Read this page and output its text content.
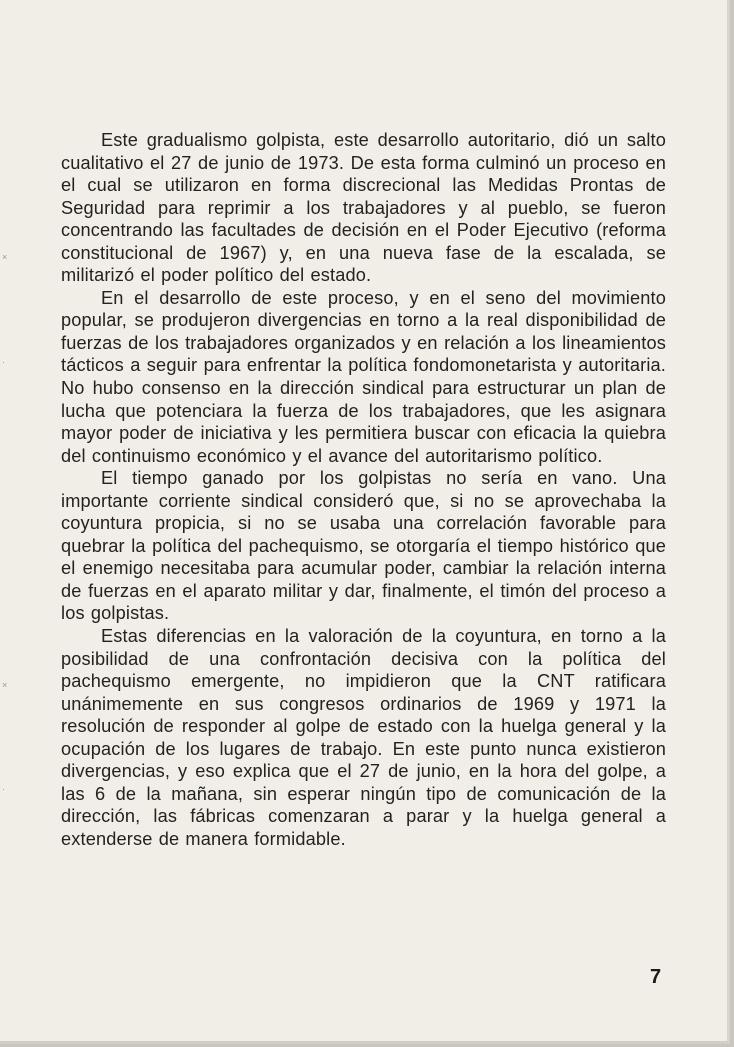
×
·
×
·

Este gradualismo golpista, este desarrollo autoritario, dió un salto cualitativo el 27 de junio de 1973. De esta forma culminó un proceso en el cual se utilizaron en forma discrecional las Medidas Prontas de Seguridad para reprimir a los trabajadores y al pueblo, se fueron concentrando las facultades de decisión en el Poder Ejecutivo (reforma constitucional de 1967) y, en una nueva fase de la escalada, se militarizó el poder político del estado.

En el desarrollo de este proceso, y en el seno del movimiento popular, se produjeron divergencias en torno a la real disponibilidad de fuerzas de los trabajadores organizados y en relación a los lineamientos tácticos a seguir para enfrentar la política fondomonetarista y autoritaria. No hubo consenso en la dirección sindical para estructurar un plan de lucha que potenciara la fuerza de los trabajadores, que les asignara mayor poder de iniciativa y les permitiera buscar con eficacia la quiebra del continuismo económico y el avance del autoritarismo político.

El tiempo ganado por los golpistas no sería en vano. Una importante corriente sindical consideró que, si no se aprovechaba la coyuntura propicia, si no se usaba una correlación favorable para quebrar la política del pachequismo, se otorgaría el tiempo histórico que el enemigo necesitaba para acumular poder, cambiar la relación interna de fuerzas en el aparato militar y dar, finalmente, el timón del proceso a los golpistas.

Estas diferencias en la valoración de la coyuntura, en torno a la posibilidad de una confrontación decisiva con la política del pachequismo emergente, no impidieron que la CNT ratificara unánimemente en sus congresos ordinarios de 1969 y 1971 la resolución de responder al golpe de estado con la huelga general y la ocupación de los lugares de trabajo. En este punto nunca existieron divergencias, y eso explica que el 27 de junio, en la hora del golpe, a las 6 de la mañana, sin esperar ningún tipo de comunicación de la dirección, las fábricas comenzaran a parar y la huelga general a extenderse de manera formidable.

7
